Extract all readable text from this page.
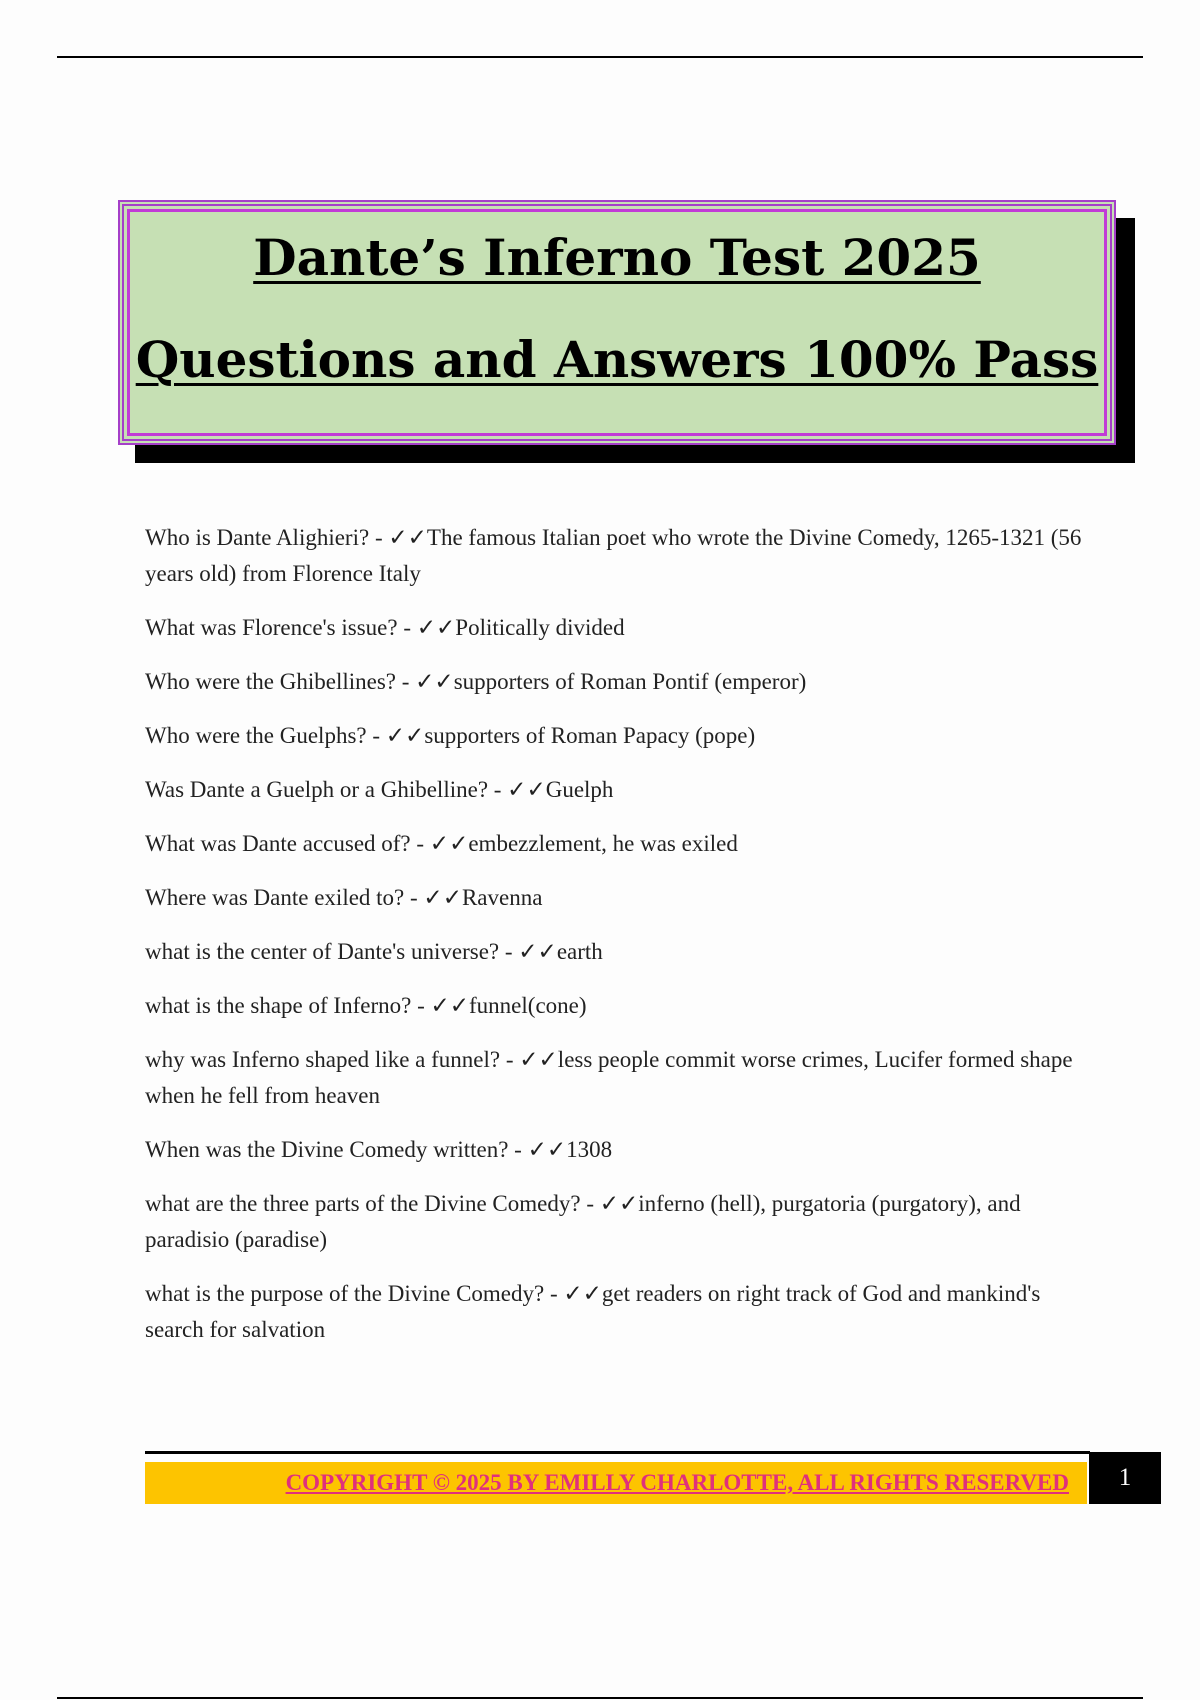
Dante’s Inferno Test 2025
Questions and Answers 100% Pass

Who is Dante Alighieri? - ✓✓The famous Italian poet who wrote the Divine Comedy, 1265-1321 (56 years old) from Florence Italy

What was Florence's issue? - ✓✓Politically divided

Who were the Ghibellines? - ✓✓supporters of Roman Pontif (emperor)

Who were the Guelphs? - ✓✓supporters of Roman Papacy (pope)

Was Dante a Guelph or a Ghibelline? - ✓✓Guelph

What was Dante accused of? - ✓✓embezzlement, he was exiled

Where was Dante exiled to? - ✓✓Ravenna

what is the center of Dante's universe? - ✓✓earth

what is the shape of Inferno? - ✓✓funnel(cone)

why was Inferno shaped like a funnel? - ✓✓less people commit worse crimes, Lucifer formed shape when he fell from heaven

When was the Divine Comedy written? - ✓✓1308

what are the three parts of the Divine Comedy? - ✓✓inferno (hell), purgatoria (purgatory), and paradisio (paradise)

what is the purpose of the Divine Comedy? - ✓✓get readers on right track of God and mankind's search for salvation

COPYRIGHT © 2025 BY EMILLY CHARLOTTE, ALL RIGHTS RESERVED	1
